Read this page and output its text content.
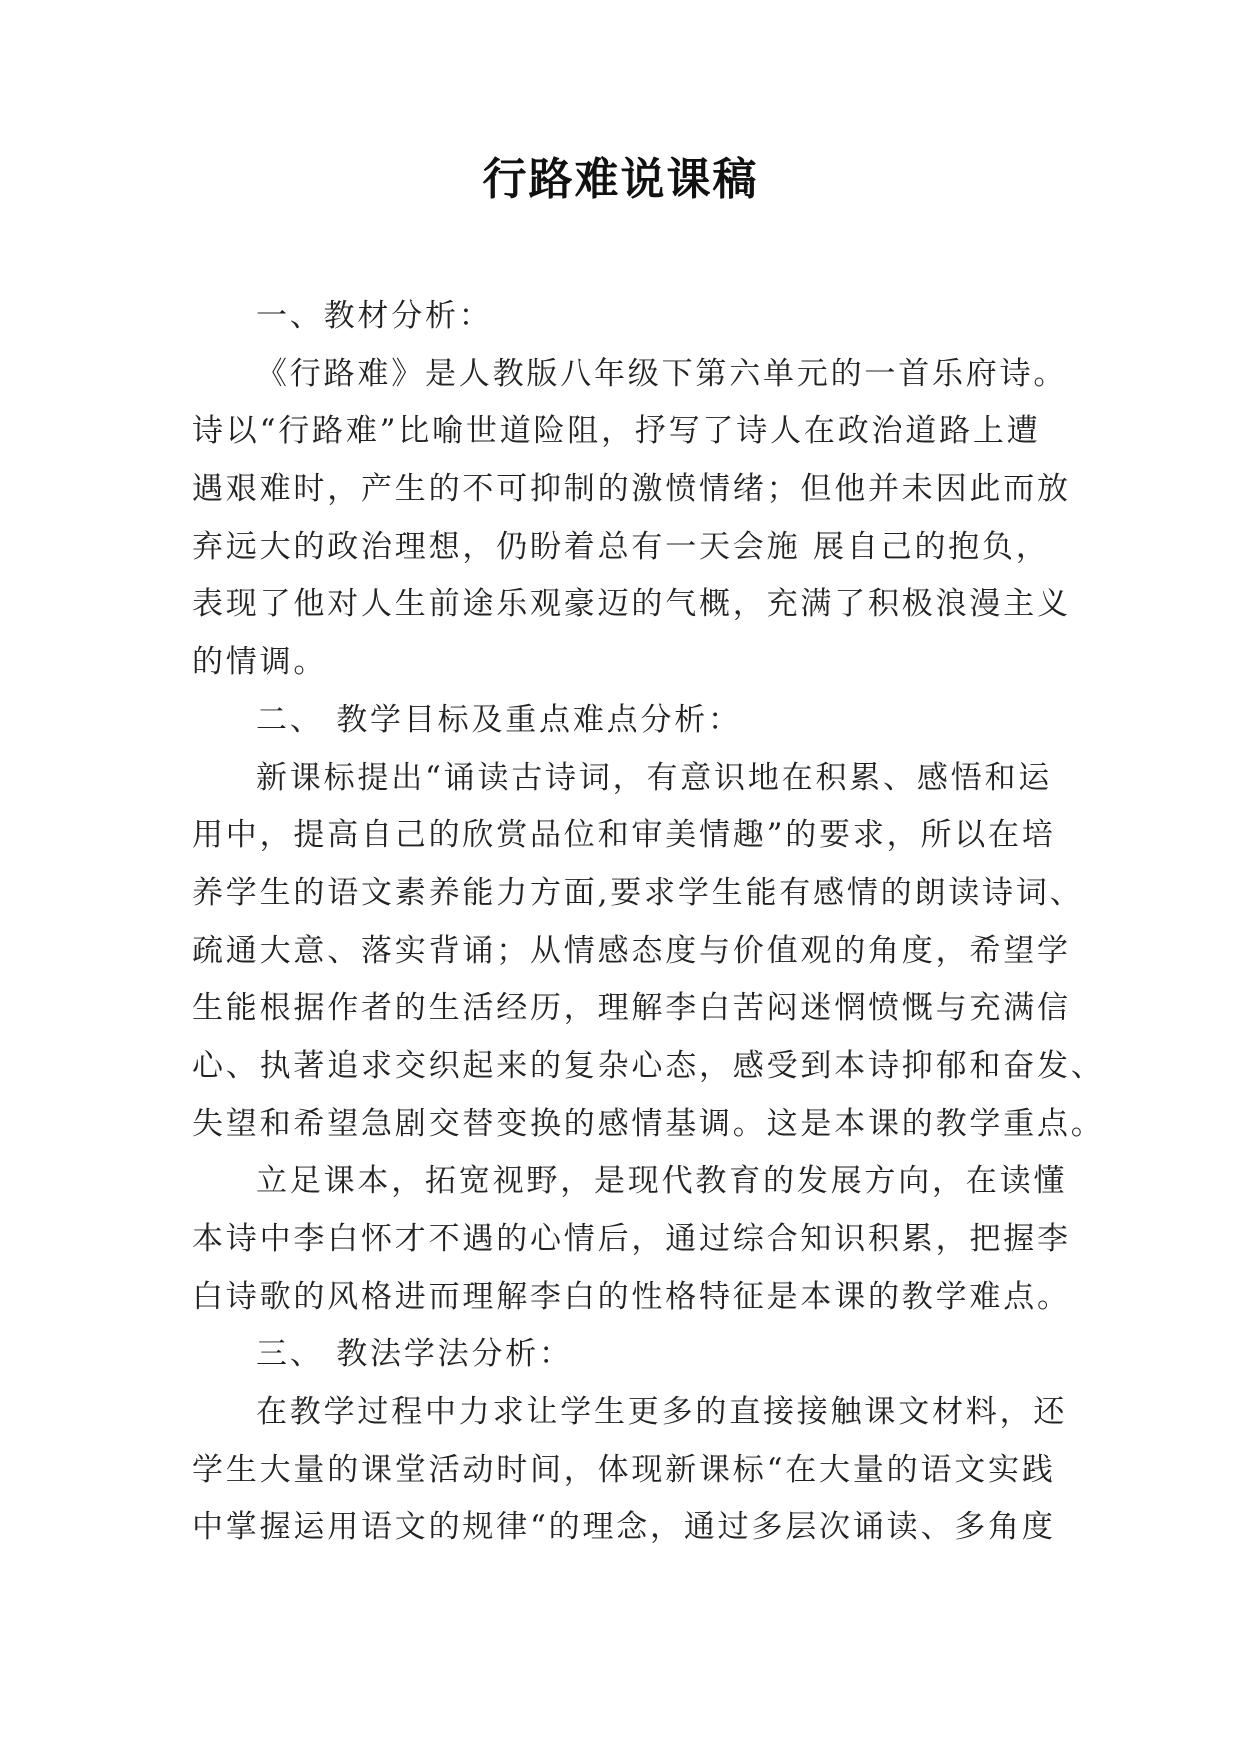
行路难说课稿
一、教材分析：
《行路难》是人教版八年级下第六单元的一首乐府诗。
诗以“行路难”比喻世道险阻，抒写了诗人在政治道路上遭
遇艰难时，产生的不可抑制的激愤情绪；但他并未因此而放
弃远大的政治理想，仍盼着总有一天会施 展自己的抱负，
表现了他对人生前途乐观豪迈的气概，充满了积极浪漫主义
的情调。
二、 教学目标及重点难点分析：
新课标提出“诵读古诗词，有意识地在积累、感悟和运
用中，提高自己的欣赏品位和审美情趣”的要求，所以在培
养学生的语文素养能力方面,要求学生能有感情的朗读诗词、
疏通大意、落实背诵；从情感态度与价值观的角度，希望学
生能根据作者的生活经历，理解李白苦闷迷惘愤慨与充满信
心、执著追求交织起来的复杂心态，感受到本诗抑郁和奋发、
失望和希望急剧交替变换的感情基调。这是本课的教学重点。
立足课本，拓宽视野，是现代教育的发展方向，在读懂
本诗中李白怀才不遇的心情后，通过综合知识积累，把握李
白诗歌的风格进而理解李白的性格特征是本课的教学难点。
三、 教法学法分析：
在教学过程中力求让学生更多的直接接触课文材料，还
学生大量的课堂活动时间，体现新课标“在大量的语文实践
中掌握运用语文的规律“的理念，通过多层次诵读、多角度
